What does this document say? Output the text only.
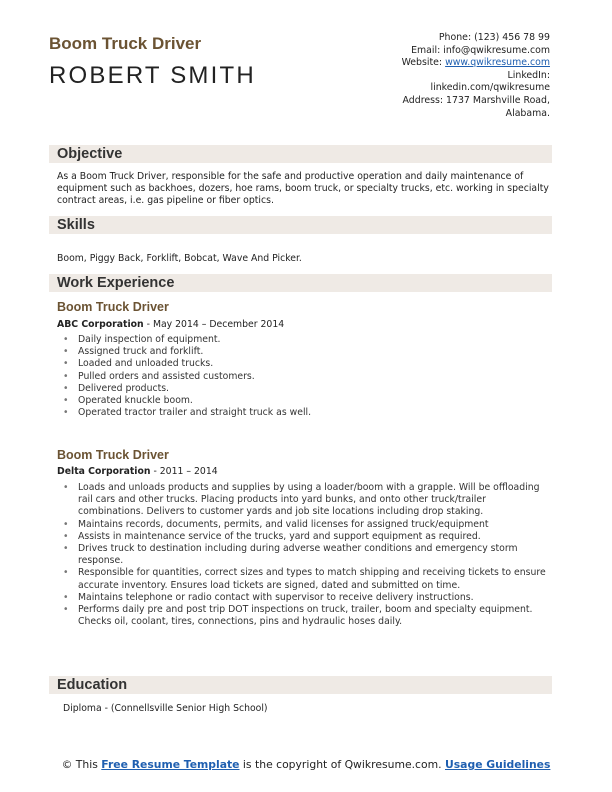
Boom Truck Driver
ROBERT SMITH
Phone: (123) 456 78 99
Email: info@qwikresume.com
Website: www.qwikresume.com
LinkedIn:
linkedin.com/qwikresume
Address: 1737 Marshville Road,
Alabama.
Objective
As a Boom Truck Driver, responsible for the safe and productive operation and daily maintenance of equipment such as backhoes, dozers, hoe rams, boom truck, or specialty trucks, etc. working in specialty contract areas, i.e. gas pipeline or fiber optics.
Skills
Boom, Piggy Back, Forklift, Bobcat, Wave And Picker.
Work Experience
Boom Truck Driver
ABC Corporation - May 2014 – December 2014
• Daily inspection of equipment.
• Assigned truck and forklift.
• Loaded and unloaded trucks.
• Pulled orders and assisted customers.
• Delivered products.
• Operated knuckle boom.
• Operated tractor trailer and straight truck as well.
Boom Truck Driver
Delta Corporation - 2011 – 2014
• Loads and unloads products and supplies by using a loader/boom with a grapple. Will be offloading rail cars and other trucks. Placing products into yard bunks, and onto other truck/trailer combinations. Delivers to customer yards and job site locations including drop staking.
• Maintains records, documents, permits, and valid licenses for assigned truck/equipment
• Assists in maintenance service of the trucks, yard and support equipment as required.
• Drives truck to destination including during adverse weather conditions and emergency storm response.
• Responsible for quantities, correct sizes and types to match shipping and receiving tickets to ensure accurate inventory. Ensures load tickets are signed, dated and submitted on time.
• Maintains telephone or radio contact with supervisor to receive delivery instructions.
• Performs daily pre and post trip DOT inspections on truck, trailer, boom and specialty equipment. Checks oil, coolant, tires, connections, pins and hydraulic hoses daily.
Education
Diploma - (Connellsville Senior High School)
© This Free Resume Template is the copyright of Qwikresume.com. Usage Guidelines
